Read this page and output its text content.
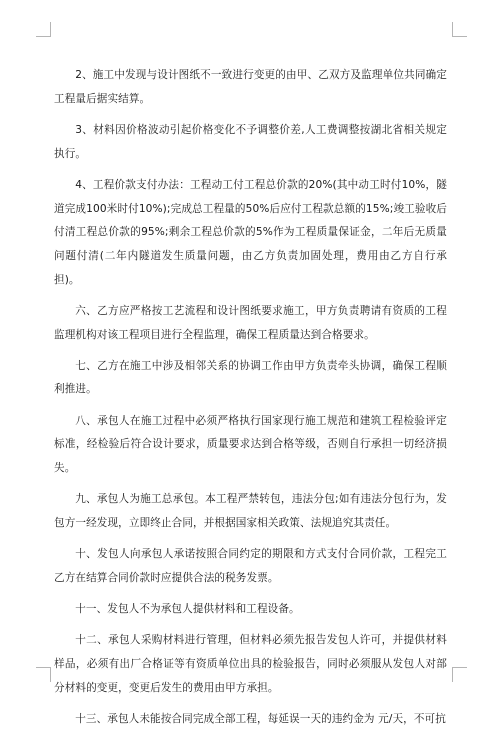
2、施工中发现与设计图纸不一致进行变更的由甲、乙双方及监理单位共同确定工程量后据实结算。

3、材料因价格波动引起价格变化不予调整价差,人工费调整按湖北省相关规定执行。

4、工程价款支付办法：工程动工付工程总价款的20%(其中动工时付10%，隧道完成100米时付10%);完成总工程量的50%后应付工程款总额的15%;竣工验收后付清工程总价款的95%;剩余工程总价款的5%作为工程质量保证金，二年后无质量问题付清(二年内隧道发生质量问题，由乙方负责加固处理，费用由乙方自行承担)。

六、乙方应严格按工艺流程和设计图纸要求施工，甲方负责聘请有资质的工程监理机构对该工程项目进行全程监理，确保工程质量达到合格要求。

七、乙方在施工中涉及相邻关系的协调工作由甲方负责牵头协调，确保工程顺利推进。

八、承包人在施工过程中必须严格执行国家现行施工规范和建筑工程检验评定标准，经检验后符合设计要求，质量要求达到合格等级，否则自行承担一切经济损失。

九、承包人为施工总承包。本工程严禁转包，违法分包;如有违法分包行为，发包方一经发现，立即终止合同，并根据国家相关政策、法规追究其责任。

十、发包人向承包人承诺按照合同约定的期限和方式支付合同价款，工程完工乙方在结算合同价款时应提供合法的税务发票。

十一、发包人不为承包人提供材料和工程设备。

十二、承包人采购材料进行管理，但材料必须先报告发包人许可，并提供材料样品，必须有出厂合格证等有资质单位出具的检验报告，同时必须服从发包人对部分材料的变更，变更后发生的费用由甲方承担。

十三、承包人未能按合同完成全部工程，每延误一天的违约金为 元/天，不可抗
